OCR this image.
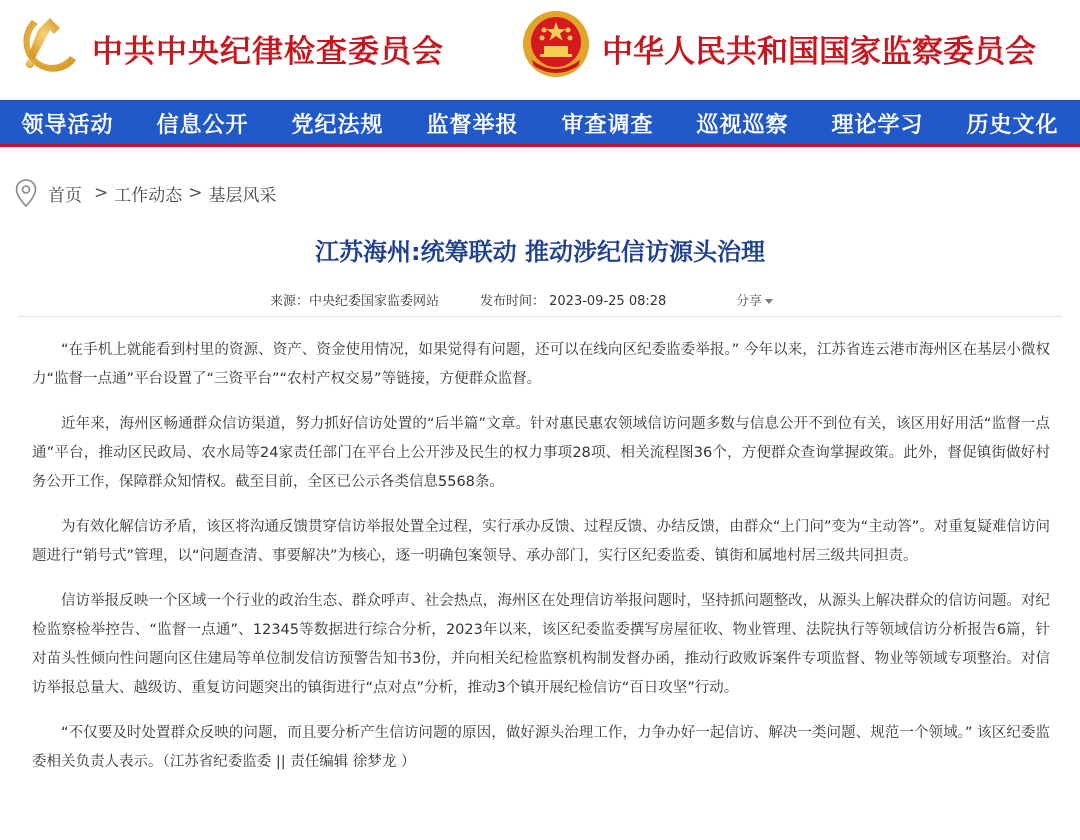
中共中央纪律检查委员会	中华人民共和国国家监察委员会
领导活动	信息公开	党纪法规	监督举报	审查调查	巡视巡察	理论学习	历史文化
首页 > 工作动态 > 基层风采
江苏海州:统筹联动 推动涉纪信访源头治理
来源：中央纪委国家监委网站	发布时间： 2023-09-25 08:28	分享

“在手机上就能看到村里的资源、资产、资金使用情况，如果觉得有问题，还可以在线向区纪委监委举报。” 今年以来，江苏省连云港市海州区在基层小微权力“监督一点通”平台设置了“三资平台”“农村产权交易”等链接，方便群众监督。

近年来，海州区畅通群众信访渠道，努力抓好信访处置的“后半篇”文章。针对惠民惠农领域信访问题多数与信息公开不到位有关，该区用好用活“监督一点通”平台，推动区民政局、农水局等24家责任部门在平台上公开涉及民生的权力事项28项、相关流程图36个，方便群众查询掌握政策。此外，督促镇街做好村务公开工作，保障群众知情权。截至目前，全区已公示各类信息5568条。

为有效化解信访矛盾，该区将沟通反馈贯穿信访举报处置全过程，实行承办反馈、过程反馈、办结反馈，由群众“上门问”变为“主动答”。对重复疑难信访问题进行“销号式”管理，以“问题查清、事要解决”为核心，逐一明确包案领导、承办部门，实行区纪委监委、镇街和属地村居三级共同担责。

信访举报反映一个区域一个行业的政治生态、群众呼声、社会热点，海州区在处理信访举报问题时，坚持抓问题整改，从源头上解决群众的信访问题。对纪检监察检举控告、“监督一点通”、12345等数据进行综合分析，2023年以来，该区纪委监委撰写房屋征收、物业管理、法院执行等领域信访分析报告6篇，针对苗头性倾向性问题向区住建局等单位制发信访预警告知书3份，并向相关纪检监察机构制发督办函，推动行政败诉案件专项监督、物业等领域专项整治。对信访举报总量大、越级访、重复访问题突出的镇街进行“点对点”分析，推动3个镇开展纪检信访“百日攻坚”行动。

“不仅要及时处置群众反映的问题，而且要分析产生信访问题的原因，做好源头治理工作，力争办好一起信访、解决一类问题、规范一个领域。” 该区纪委监委相关负责人表示。（江苏省纪委监委 || 责任编辑 徐梦龙 ）
